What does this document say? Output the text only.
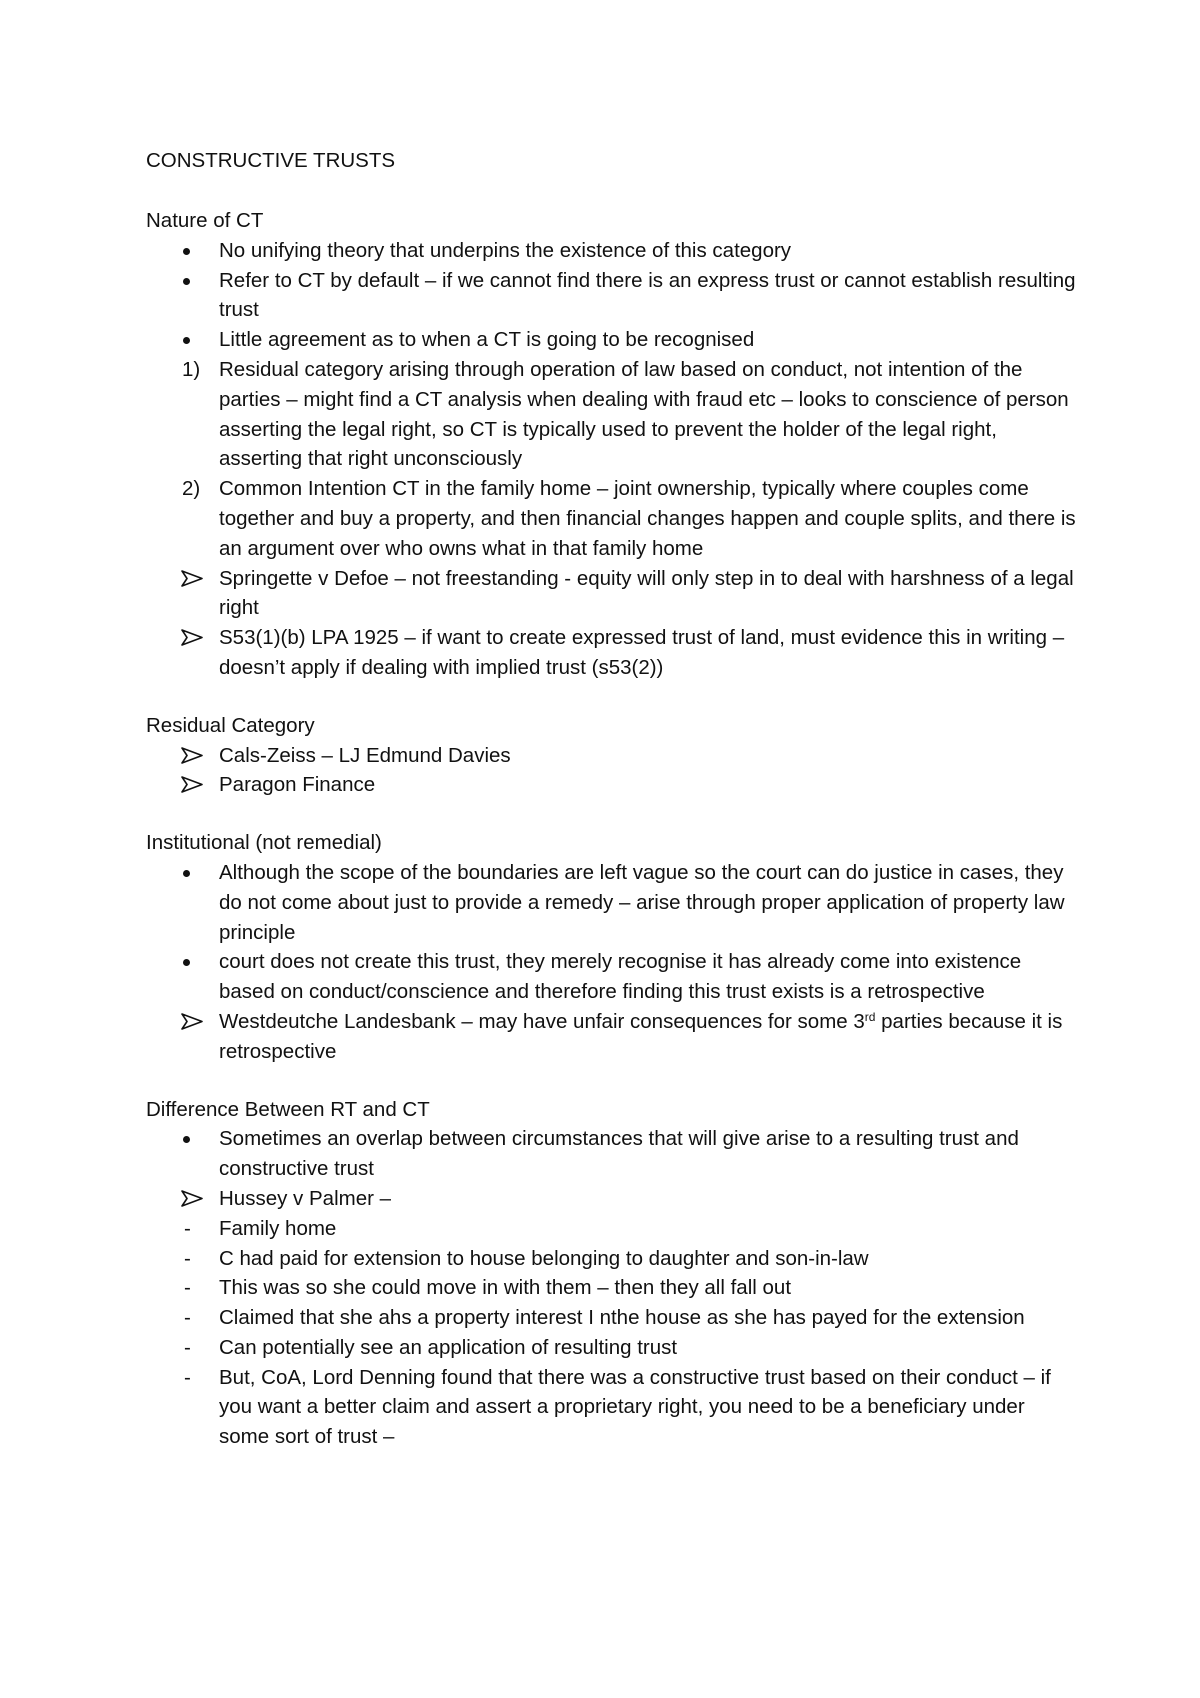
CONSTRUCTIVE TRUSTS

Nature of CT

No unifying theory that underpins the existence of this category
Refer to CT by default – if we cannot find there is an express trust or cannot establish resulting trust
Little agreement as to when a CT is going to be recognised
1) Residual category arising through operation of law based on conduct, not intention of the parties – might find a CT analysis when dealing with fraud etc – looks to conscience of person asserting the legal right, so CT is typically used to prevent the holder of the legal right, asserting that right unconsciously
2) Common Intention CT in the family home – joint ownership, typically where couples come together and buy a property, and then financial changes happen and couple splits, and there is an argument over who owns what in that family home
Springette v Defoe – not freestanding - equity will only step in to deal with harshness of a legal right
S53(1)(b) LPA 1925 – if want to create expressed trust of land, must evidence this in writing – doesn’t apply if dealing with implied trust (s53(2))

Residual Category

Cals-Zeiss – LJ Edmund Davies
Paragon Finance

Institutional (not remedial)

Although the scope of the boundaries are left vague so the court can do justice in cases, they do not come about just to provide a remedy – arise through proper application of property law principle
court does not create this trust, they merely recognise it has already come into existence based on conduct/conscience and therefore finding this trust exists is a retrospective
Westdeutche Landesbank – may have unfair consequences for some 3rd parties because it is retrospective

Difference Between RT and CT

Sometimes an overlap between circumstances that will give arise to a resulting trust and constructive trust
Hussey v Palmer –
-	Family home
-	C had paid for extension to house belonging to daughter and son-in-law
-	This was so she could move in with them – then they all fall out
-	Claimed that she ahs a property interest I nthe house as she has payed for the extension
-	Can potentially see an application of resulting trust
-	But, CoA, Lord Denning found that there was a constructive trust based on their conduct – if you want a better claim and assert a proprietary right, you need to be a beneficiary under some sort of trust –
